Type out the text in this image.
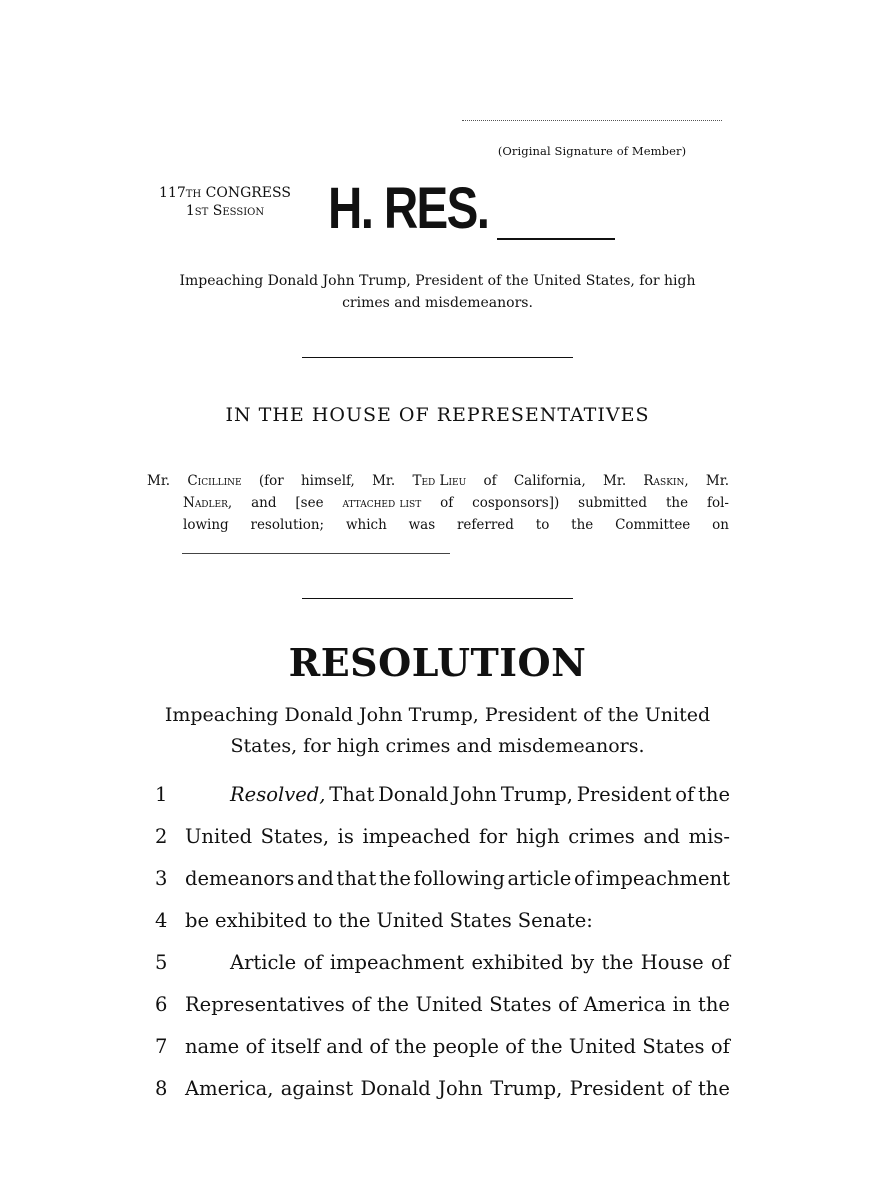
(Original Signature of Member)
117th CONGRESS
1st Session	H. RES.
Impeaching Donald John Trump, President of the United States, for high
crimes and misdemeanors.
IN THE HOUSE OF REPRESENTATIVES
Mr. Cicilline (for himself, Mr. Ted Lieu of California, Mr. Raskin, Mr.
Nadler, and [see attached list of cosponsors]) submitted the fol-
lowing resolution; which was referred to the Committee on
RESOLUTION
Impeaching Donald John Trump, President of the United
States, for high crimes and misdemeanors.
1	Resolved, That Donald John Trump, President of the
2 United States, is impeached for high crimes and mis-
3 demeanors and that the following article of impeachment
4 be exhibited to the United States Senate:
5	Article of impeachment exhibited by the House of
6 Representatives of the United States of America in the
7 name of itself and of the people of the United States of
8 America, against Donald John Trump, President of the
